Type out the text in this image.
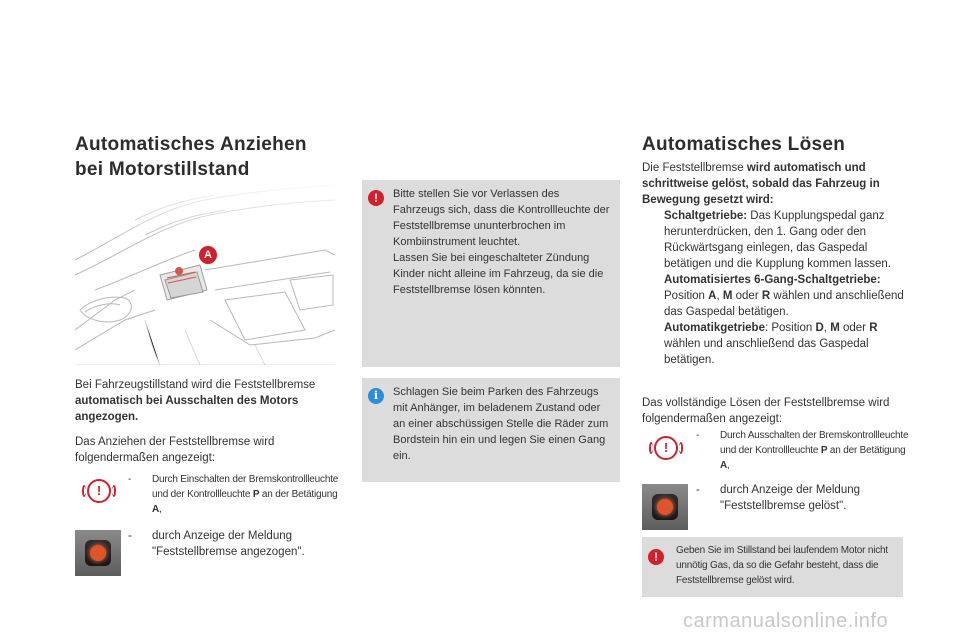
Automatisches Anziehen
bei Motorstillstand
A
Bei Fahrzeugstillstand wird die Feststellbremse automatisch bei Ausschalten des Motors angezogen.
Das Anziehen der Feststellbremse wird folgendermaßen angezeigt:
!
- Durch Einschalten der Bremskontrollleuchte und der Kontrollleuchte P an der Betätigung A,
- durch Anzeige der Meldung "Feststellbremse angezogen".
!	Bitte stellen Sie vor Verlassen des Fahrzeugs sich, dass die Kontrollleuchte der Feststellbremse ununterbrochen im Kombiinstrument leuchtet.
Lassen Sie bei eingeschalteter Zündung Kinder nicht alleine im Fahrzeug, da sie die Feststellbremse lösen könnten.
i	Schlagen Sie beim Parken des Fahrzeugs mit Anhänger, im beladenem Zustand oder an einer abschüssigen Stelle die Räder zum Bordstein hin ein und legen Sie einen Gang ein.
Automatisches Lösen
Die Feststellbremse wird automatisch und schrittweise gelöst, sobald das Fahrzeug in Bewegung gesetzt wird:
Schaltgetriebe: Das Kupplungspedal ganz herunterdrücken, den 1. Gang oder den Rückwärtsgang einlegen, das Gaspedal betätigen und die Kupplung kommen lassen.
Automatisiertes 6-Gang-Schaltgetriebe:
Position A, M oder R wählen und anschließend das Gaspedal betätigen.
Automatikgetriebe: Position D, M oder R wählen und anschließend das Gaspedal betätigen.
Das vollständige Lösen der Feststellbremse wird folgendermaßen angezeigt:
!
- Durch Ausschalten der Bremskontrollleuchte und der Kontrollleuchte P an der Betätigung A,
- durch Anzeige der Meldung "Feststellbremse gelöst".
!	Geben Sie im Stillstand bei laufendem Motor nicht unnötig Gas, da so die Gefahr besteht, dass die Feststellbremse gelöst wird.
carmanualsonline.info
